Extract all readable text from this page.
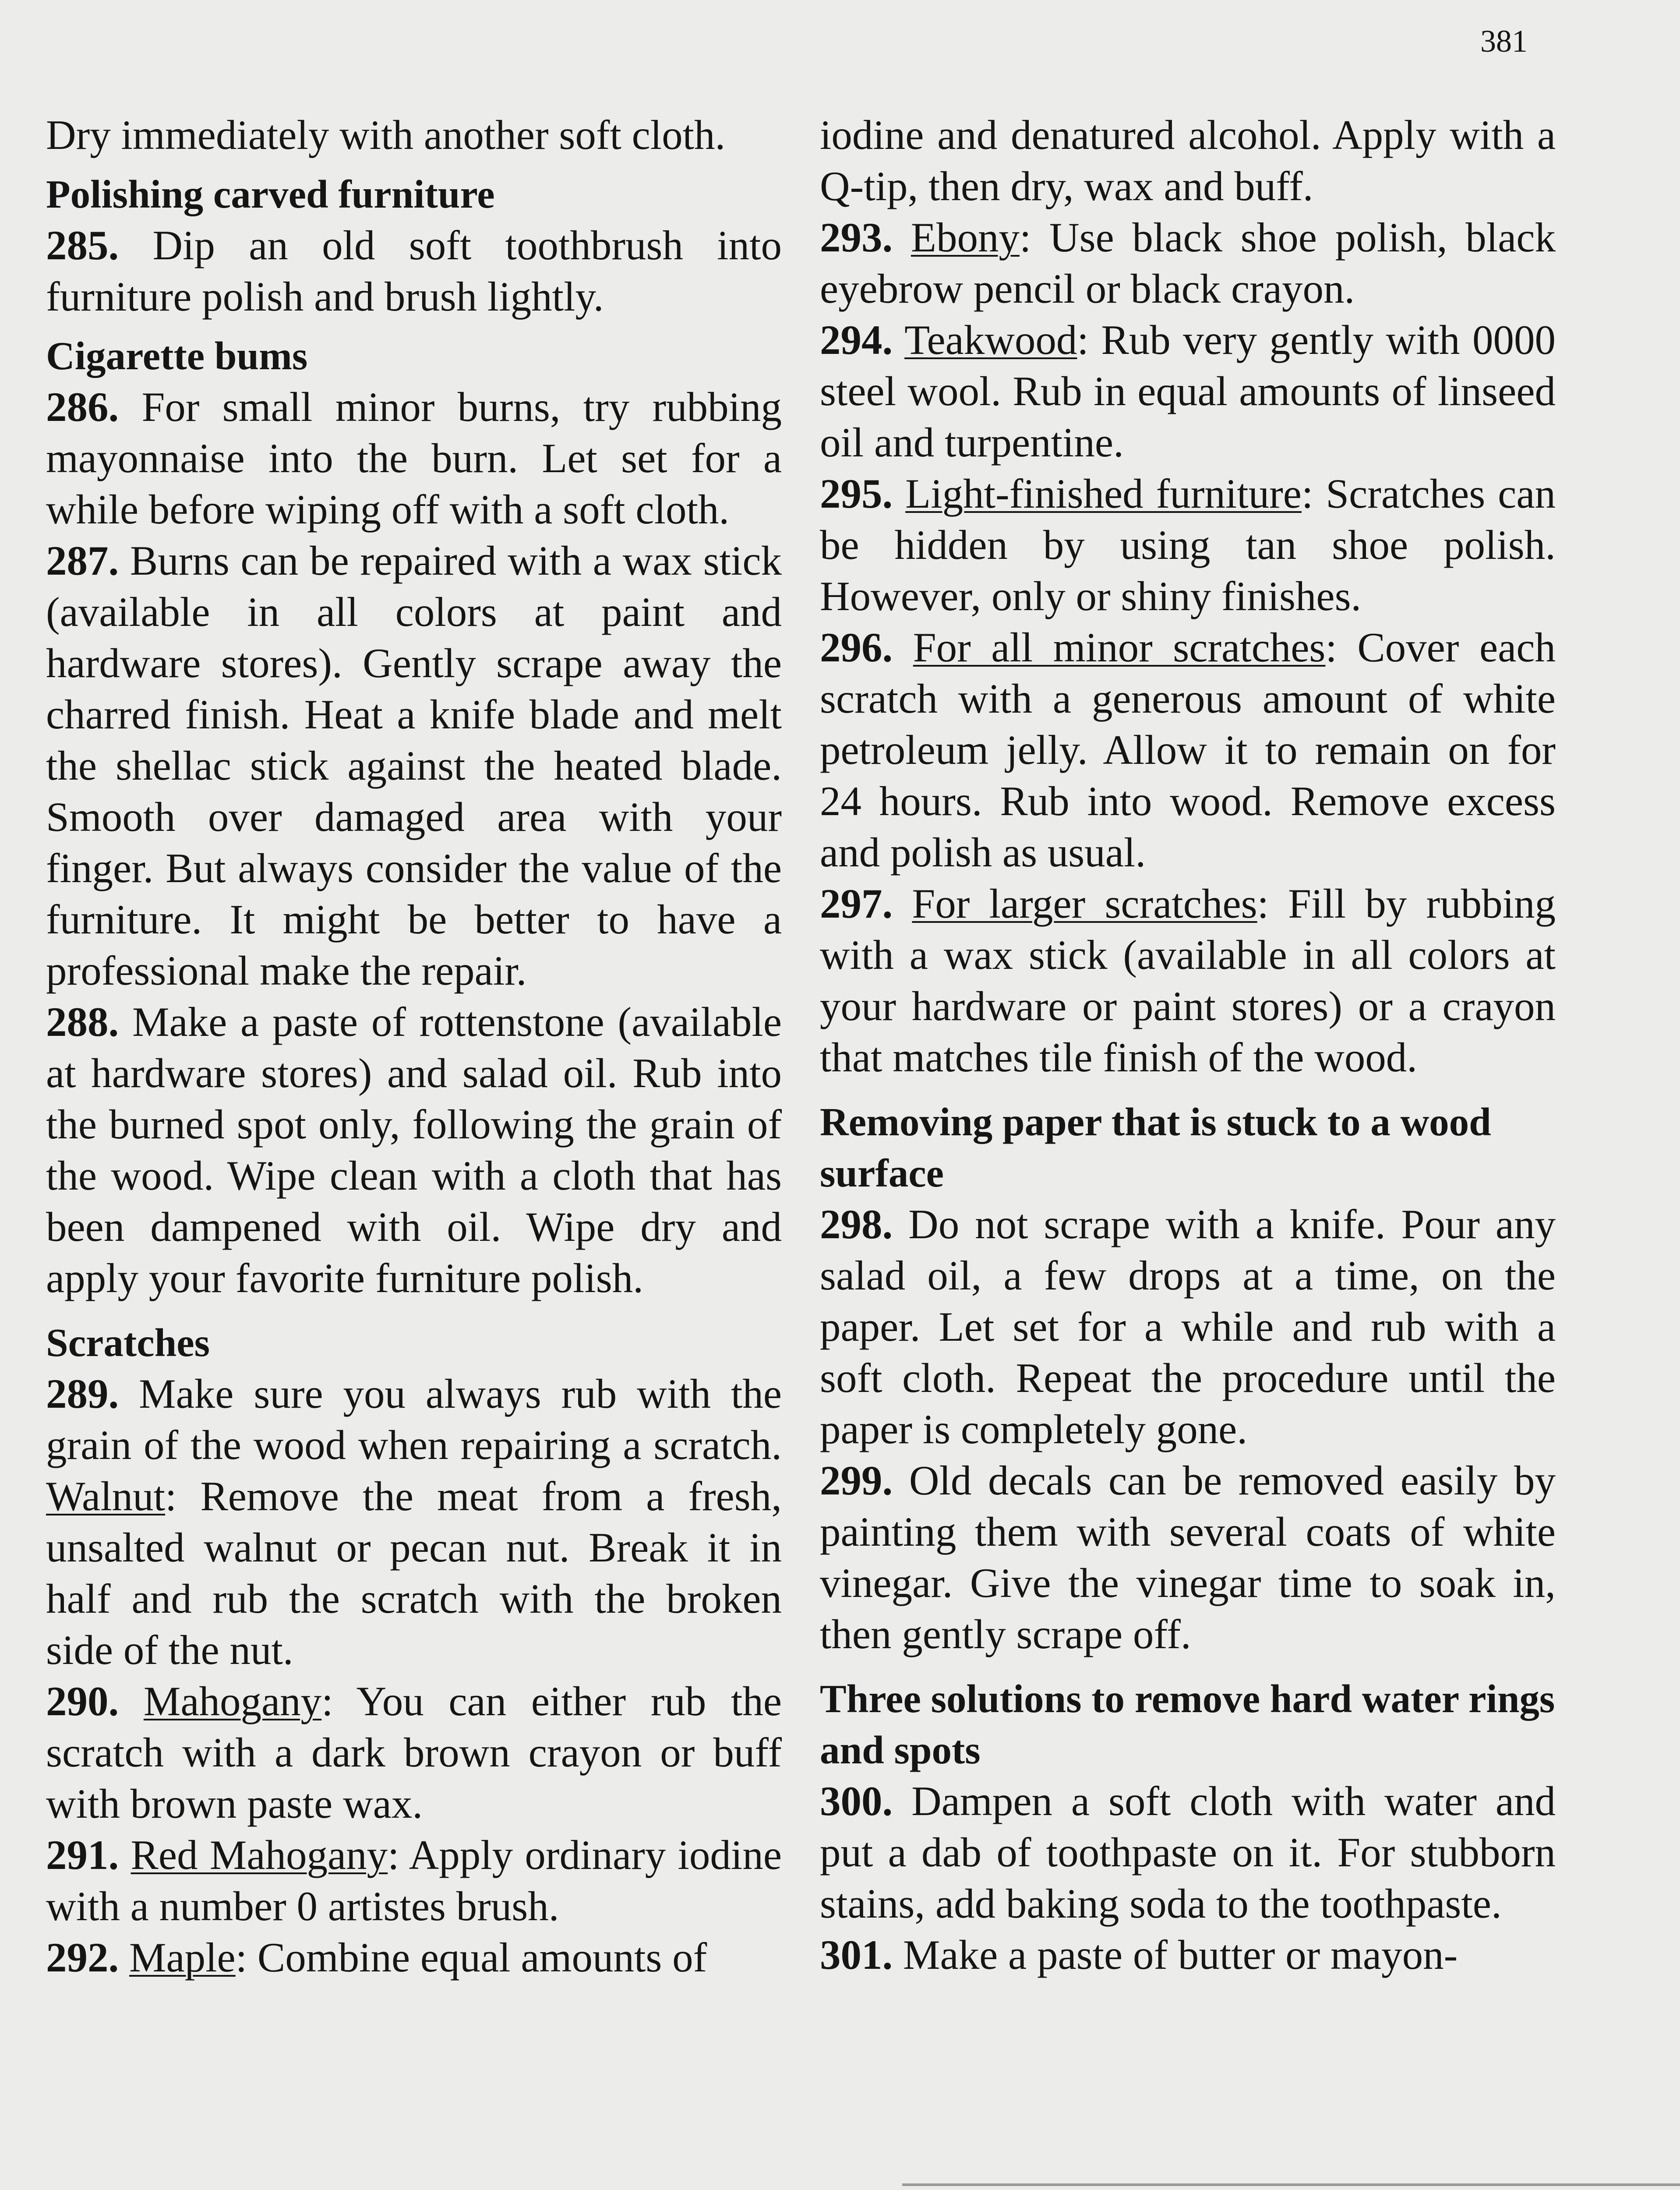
381

Dry immediately with another soft cloth.

Polishing carved furniture

285. Dip an old soft toothbrush into furniture polish and brush lightly.

Cigarette bums

286. For small minor burns, try rubbing mayonnaise into the burn. Let set for a while before wiping off with a soft cloth.

287. Burns can be repaired with a wax stick (available in all colors at paint and hardware stores). Gently scrape away the charred finish. Heat a knife blade and melt the shellac stick against the heated blade. Smooth over damaged area with your finger. But always consider the value of the furniture. It might be better to have a professional make the repair.

288. Make a paste of rottenstone (available at hardware stores) and salad oil. Rub into the burned spot only, following the grain of the wood. Wipe clean with a cloth that has been dampened with oil. Wipe dry and apply your favorite furniture polish.

Scratches

289. Make sure you always rub with the grain of the wood when repairing a scratch. Walnut: Remove the meat from a fresh, unsalted walnut or pecan nut. Break it in half and rub the scratch with the broken side of the nut.

290. Mahogany: You can either rub the scratch with a dark brown crayon or buff with brown paste wax.

291. Red Mahogany: Apply ordinary iodine with a number 0 artistes brush.

292. Maple: Combine equal amounts of

iodine and denatured alcohol. Apply with a Q-tip, then dry, wax and buff.

293. Ebony: Use black shoe polish, black eyebrow pencil or black crayon.

294. Teakwood: Rub very gently with 0000 steel wool. Rub in equal amounts of linseed oil and turpentine.

295. Light-finished furniture: Scratches can be hidden by using tan shoe polish. However, only or shiny finishes.

296. For all minor scratches: Cover each scratch with a generous amount of white petroleum jelly. Allow it to remain on for 24 hours. Rub into wood. Remove excess and polish as usual.

297. For larger scratches: Fill by rubbing with a wax stick (available in all colors at your hardware or paint stores) or a crayon that matches tile finish of the wood.

Removing paper that is stuck to a wood surface

298. Do not scrape with a knife. Pour any salad oil, a few drops at a time, on the paper. Let set for a while and rub with a soft cloth. Repeat the procedure until the paper is completely gone.

299. Old decals can be removed easily by painting them with several coats of white vinegar. Give the vinegar time to soak in, then gently scrape off.

Three solutions to remove hard water rings and spots

300. Dampen a soft cloth with water and put a dab of toothpaste on it. For stubborn stains, add baking soda to the toothpaste.

301. Make a paste of butter or mayon-
